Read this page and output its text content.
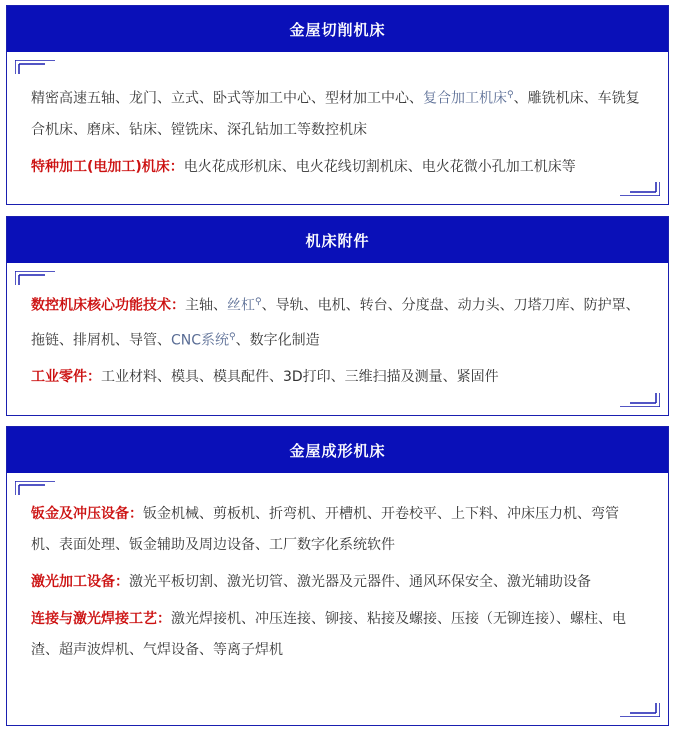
金屋切削机床

精密高速五轴、龙门、立式、卧式等加工中心、型材加工中心、复合加工机床⚲、雕铣机床、车铣复合机床、磨床、钻床、镗铣床、深孔钻加工等数控机床

特种加工(电加工)机床：电火花成形机床、电火花线切割机床、电火花微小孔加工机床等

机床附件

数控机床核心功能技术：主轴、丝杠⚲、导轨、电机、转台、分度盘、动力头、刀塔刀库、防护罩、拖链、排屑机、导管、CNC系统⚲、数字化制造

工业零件：工业材料、模具、模具配件、3D打印、三维扫描及测量、紧固件

金屋成形机床

钣金及冲压设备：钣金机械、剪板机、折弯机、开槽机、开卷校平、上下料、冲床压力机、弯管机、表面处理、钣金辅助及周边设备、工厂数字化系统软件

激光加工设备：激光平板切割、激光切管、激光器及元器件、通风环保安全、激光辅助设备

连接与激光焊接工艺：激光焊接机、冲压连接、铆接、粘接及螺接、压接（无铆连接）、螺柱、电渣、超声波焊机、气焊设备、等离子焊机
